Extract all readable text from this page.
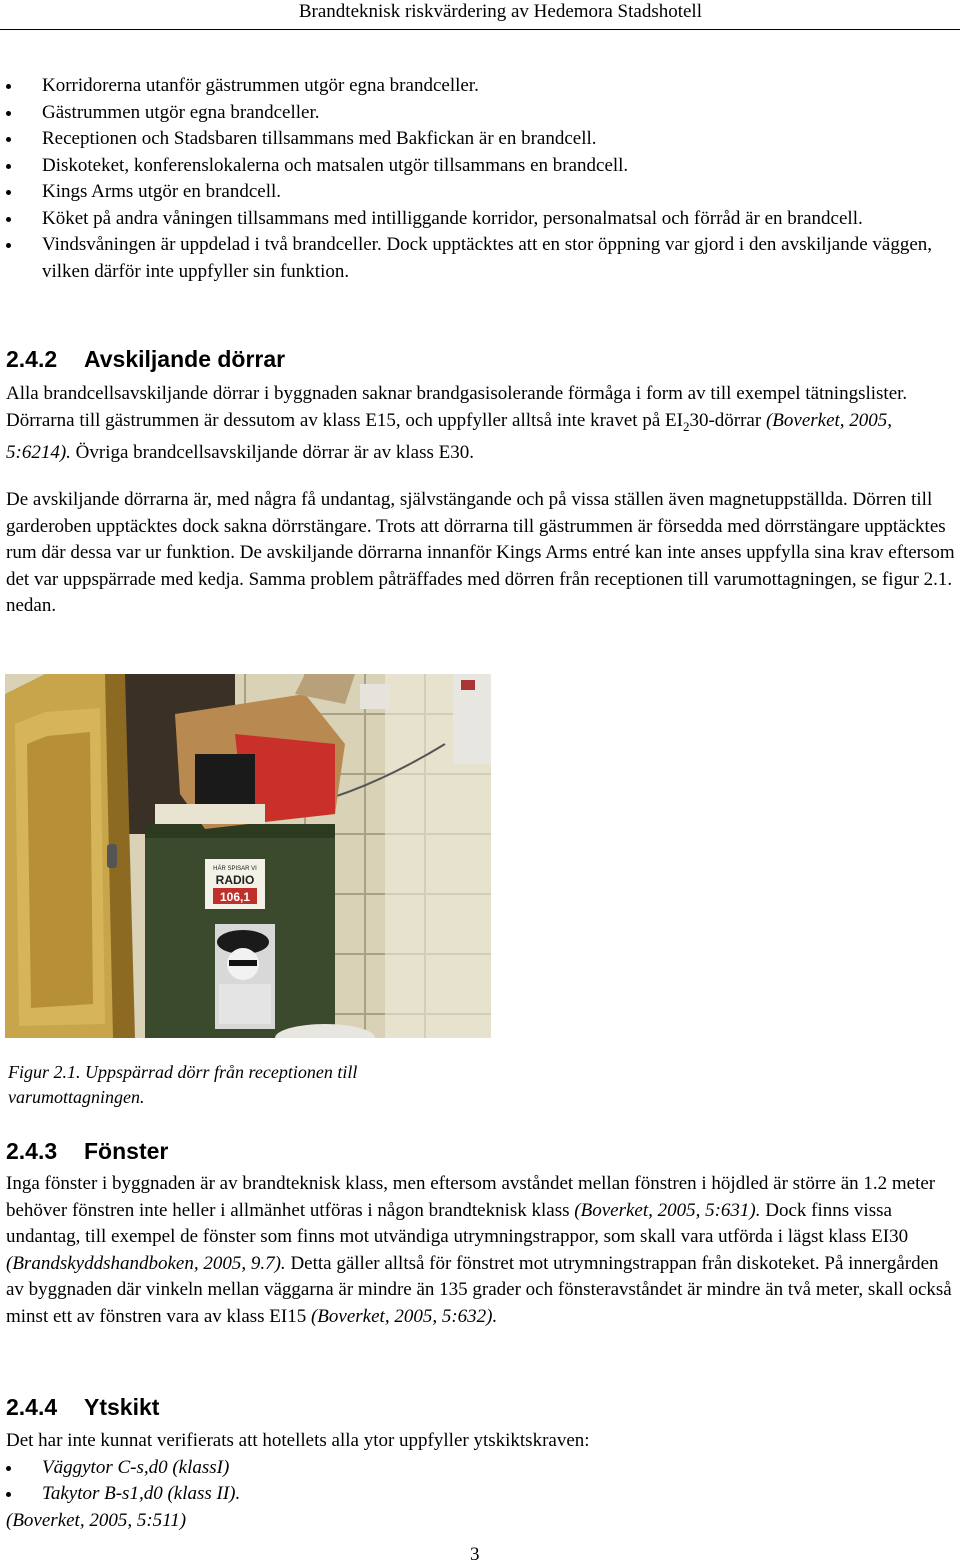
Brandteknisk riskvärdering av Hedemora Stadshotell
Korridorerna utanför gästrummen utgör egna brandceller.
Gästrummen utgör egna brandceller.
Receptionen och Stadsbaren tillsammans med Bakfickan är en brandcell.
Diskoteket, konferenslokalerna och matsalen utgör tillsammans en brandcell.
Kings Arms utgör en brandcell.
Köket på andra våningen tillsammans med intilliggande korridor, personalmatsal och förråd är en brandcell.
Vindsvåningen är uppdelad i två brandceller. Dock upptäcktes att en stor öppning var gjord i den avskiljande väggen, vilken därför inte uppfyller sin funktion.
2.4.2 Avskiljande dörrar

Alla brandcellsavskiljande dörrar i byggnaden saknar brandgasisolerande förmåga i form av till exempel tätningslister. Dörrarna till gästrummen är dessutom av klass E15, och uppfyller alltså inte kravet på $EI_230$-dörrar (Boverket, 2005, 5:6214). Övriga brandcellsavskiljande dörrar är av klass E30.

De avskiljande dörrarna är, med några få undantag, självstängande och på vissa ställen även magnetuppställda. Dörren till garderoben upptäcktes dock sakna dörrstängare. Trots att dörrarna till gästrummen är försedda med dörrstängare upptäcktes rum där dessa var ur funktion. De avskiljande dörrarna innanför Kings Arms entré kan inte anses uppfylla sina krav eftersom det var uppspärrade med kedja. Samma problem påträffades med dörren från receptionen till varumottagningen, se figur 2.1. nedan.

HÄR SPISAR VI
RADIO
106,1
Figur 2.1. Uppspärrad dörr från receptionen till varumottagningen.
2.4.3 Fönster

Inga fönster i byggnaden är av brandteknisk klass, men eftersom avståndet mellan fönstren i höjdled är större än 1.2 meter behöver fönstren inte heller i allmänhet utföras i någon brandteknisk klass (Boverket, 2005, 5:631). Dock finns vissa undantag, till exempel de fönster som finns mot utvändiga utrymningstrappor, som skall vara utförda i lägst klass EI30 (Brandskyddshandboken, 2005, 9.7). Detta gäller alltså för fönstret mot utrymningstrappan från diskoteket. På innergården av byggnaden där vinkeln mellan väggarna är mindre än 135 grader och fönsteravståndet är mindre än två meter, skall också minst ett av fönstren vara av klass EI15 (Boverket, 2005, 5:632).

2.4.4 Ytskikt

Det har inte kunnat verifierats att hotellets alla ytor uppfyller ytskiktskraven:

Väggytor C-s,d0 (klassI)
Takytor B-s1,d0 (klass II).

(Boverket, 2005, 5:511)

3
